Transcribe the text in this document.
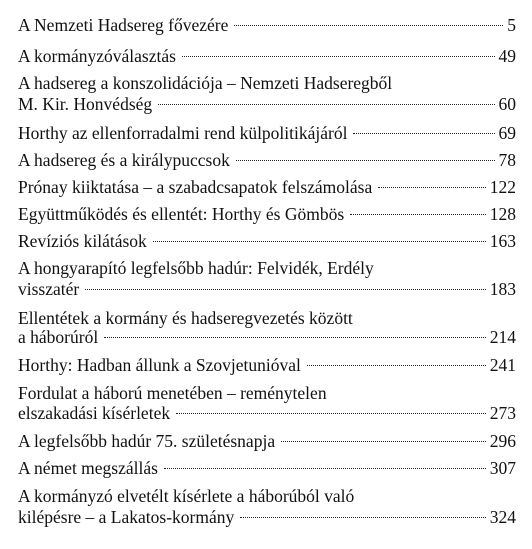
A Nemzeti Hadsereg fővezére	5
A kormányzóválasztás	49
A hadsereg a konszolidációja – Nemzeti Hadseregből
M. Kir. Honvédség	60
Horthy az ellenforradalmi rend külpolitikájáról	69
A hadsereg és a királypuccsok	78
Prónay kiiktatása – a szabadcsapatok felszámolása	122
Együttműködés és ellentét: Horthy és Gömbös	128
Revíziós kilátások	163
A hongyarapító legfelsőbb hadúr: Felvidék, Erdély
visszatér	183
Ellentétek a kormány és hadseregvezetés között
a háborúról	214
Horthy: Hadban állunk a Szovjetunióval	241
Fordulat a háború menetében – reménytelen
elszakadási kísérletek	273
A legfelsőbb hadúr 75. születésnapja	296
A német megszállás	307
A kormányzó elvetélt kísérlete a háborúból való
kilépésre – a Lakatos-kormány	324
